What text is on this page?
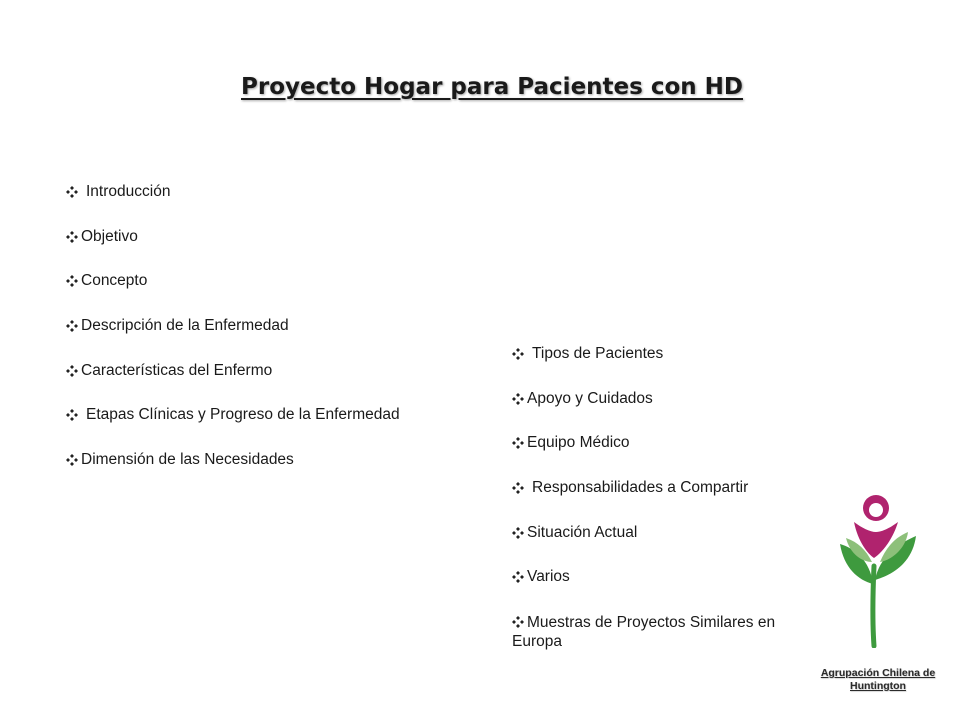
Proyecto Hogar para Pacientes con HD
Introducción
Objetivo
Concepto
Descripción de la Enfermedad
Características del Enfermo
Etapas Clínicas y Progreso de la Enfermedad
Dimensión de las Necesidades
Tipos de Pacientes
Apoyo y Cuidados
Equipo Médico
Responsabilidades a Compartir
Situación Actual
Varios
Muestras de Proyectos Similares en Europa
Agrupación Chilena de Huntington
